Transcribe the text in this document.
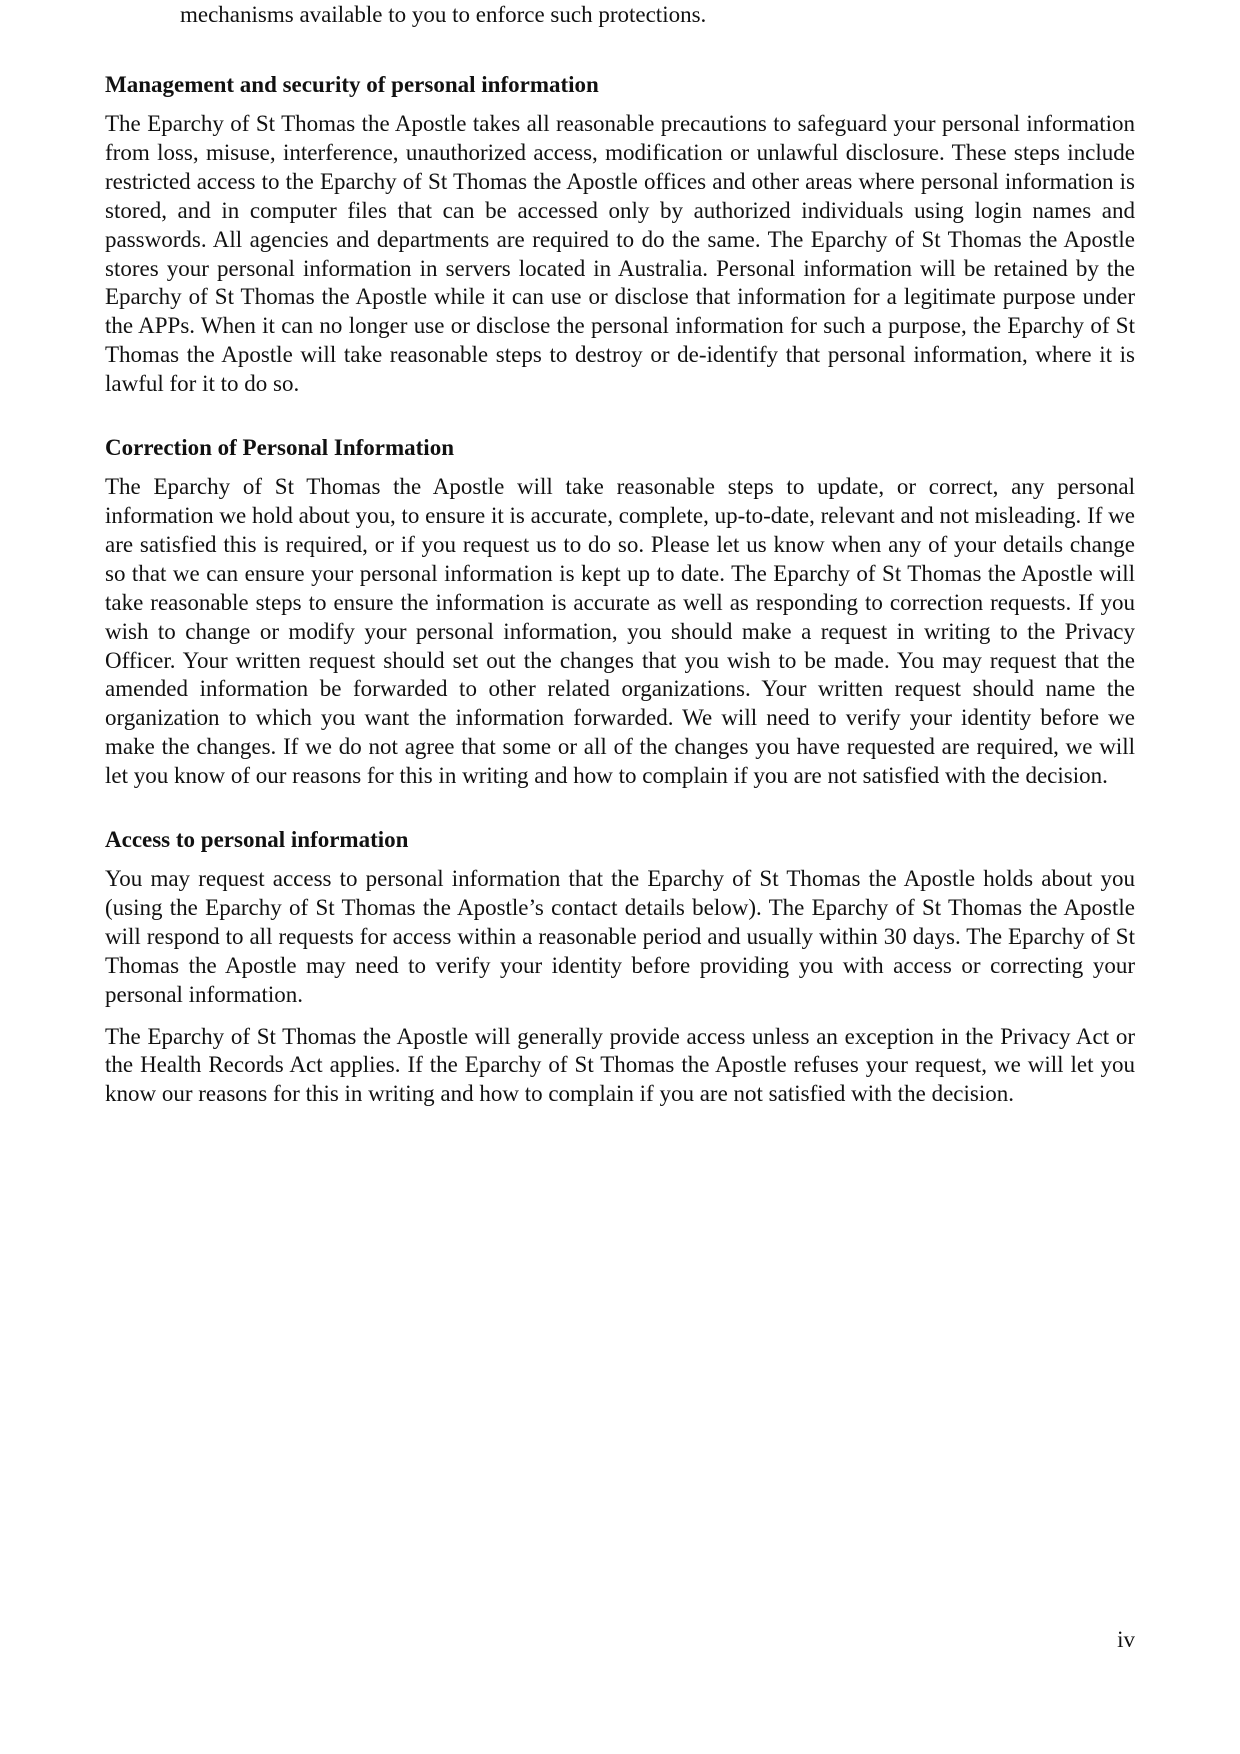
mechanisms available to you to enforce such protections.

Management and security of personal information

The Eparchy of St Thomas the Apostle takes all reasonable precautions to safeguard your personal information from loss, misuse, interference, unauthorized access, modification or unlawful disclosure. These steps include restricted access to the Eparchy of St Thomas the Apostle offices and other areas where personal information is stored, and in computer files that can be accessed only by authorized individuals using login names and passwords. All agencies and departments are required to do the same. The Eparchy of St Thomas the Apostle stores your personal information in servers located in Australia. Personal information will be retained by the Eparchy of St Thomas the Apostle while it can use or disclose that information for a legitimate purpose under the APPs. When it can no longer use or disclose the personal information for such a purpose, the Eparchy of St Thomas the Apostle will take reasonable steps to destroy or de-identify that personal information, where it is lawful for it to do so.

Correction of Personal Information

The Eparchy of St Thomas the Apostle will take reasonable steps to update, or correct, any personal information we hold about you, to ensure it is accurate, complete, up-to-date, relevant and not misleading. If we are satisfied this is required, or if you request us to do so. Please let us know when any of your details change so that we can ensure your personal information is kept up to date. The Eparchy of St Thomas the Apostle will take reasonable steps to ensure the information is accurate as well as responding to correction requests. If you wish to change or modify your personal information, you should make a request in writing to the Privacy Officer. Your written request should set out the changes that you wish to be made. You may request that the amended information be forwarded to other related organizations. Your written request should name the organization to which you want the information forwarded. We will need to verify your identity before we make the changes. If we do not agree that some or all of the changes you have requested are required, we will let you know of our reasons for this in writing and how to complain if you are not satisfied with the decision.

Access to personal information

You may request access to personal information that the Eparchy of St Thomas the Apostle holds about you (using the Eparchy of St Thomas the Apostle’s contact details below). The Eparchy of St Thomas the Apostle will respond to all requests for access within a reasonable period and usually within 30 days. The Eparchy of St Thomas the Apostle may need to verify your identity before providing you with access or correcting your personal information.

The Eparchy of St Thomas the Apostle will generally provide access unless an exception in the Privacy Act or the Health Records Act applies. If the Eparchy of St Thomas the Apostle refuses your request, we will let you know our reasons for this in writing and how to complain if you are not satisfied with the decision.

iv
